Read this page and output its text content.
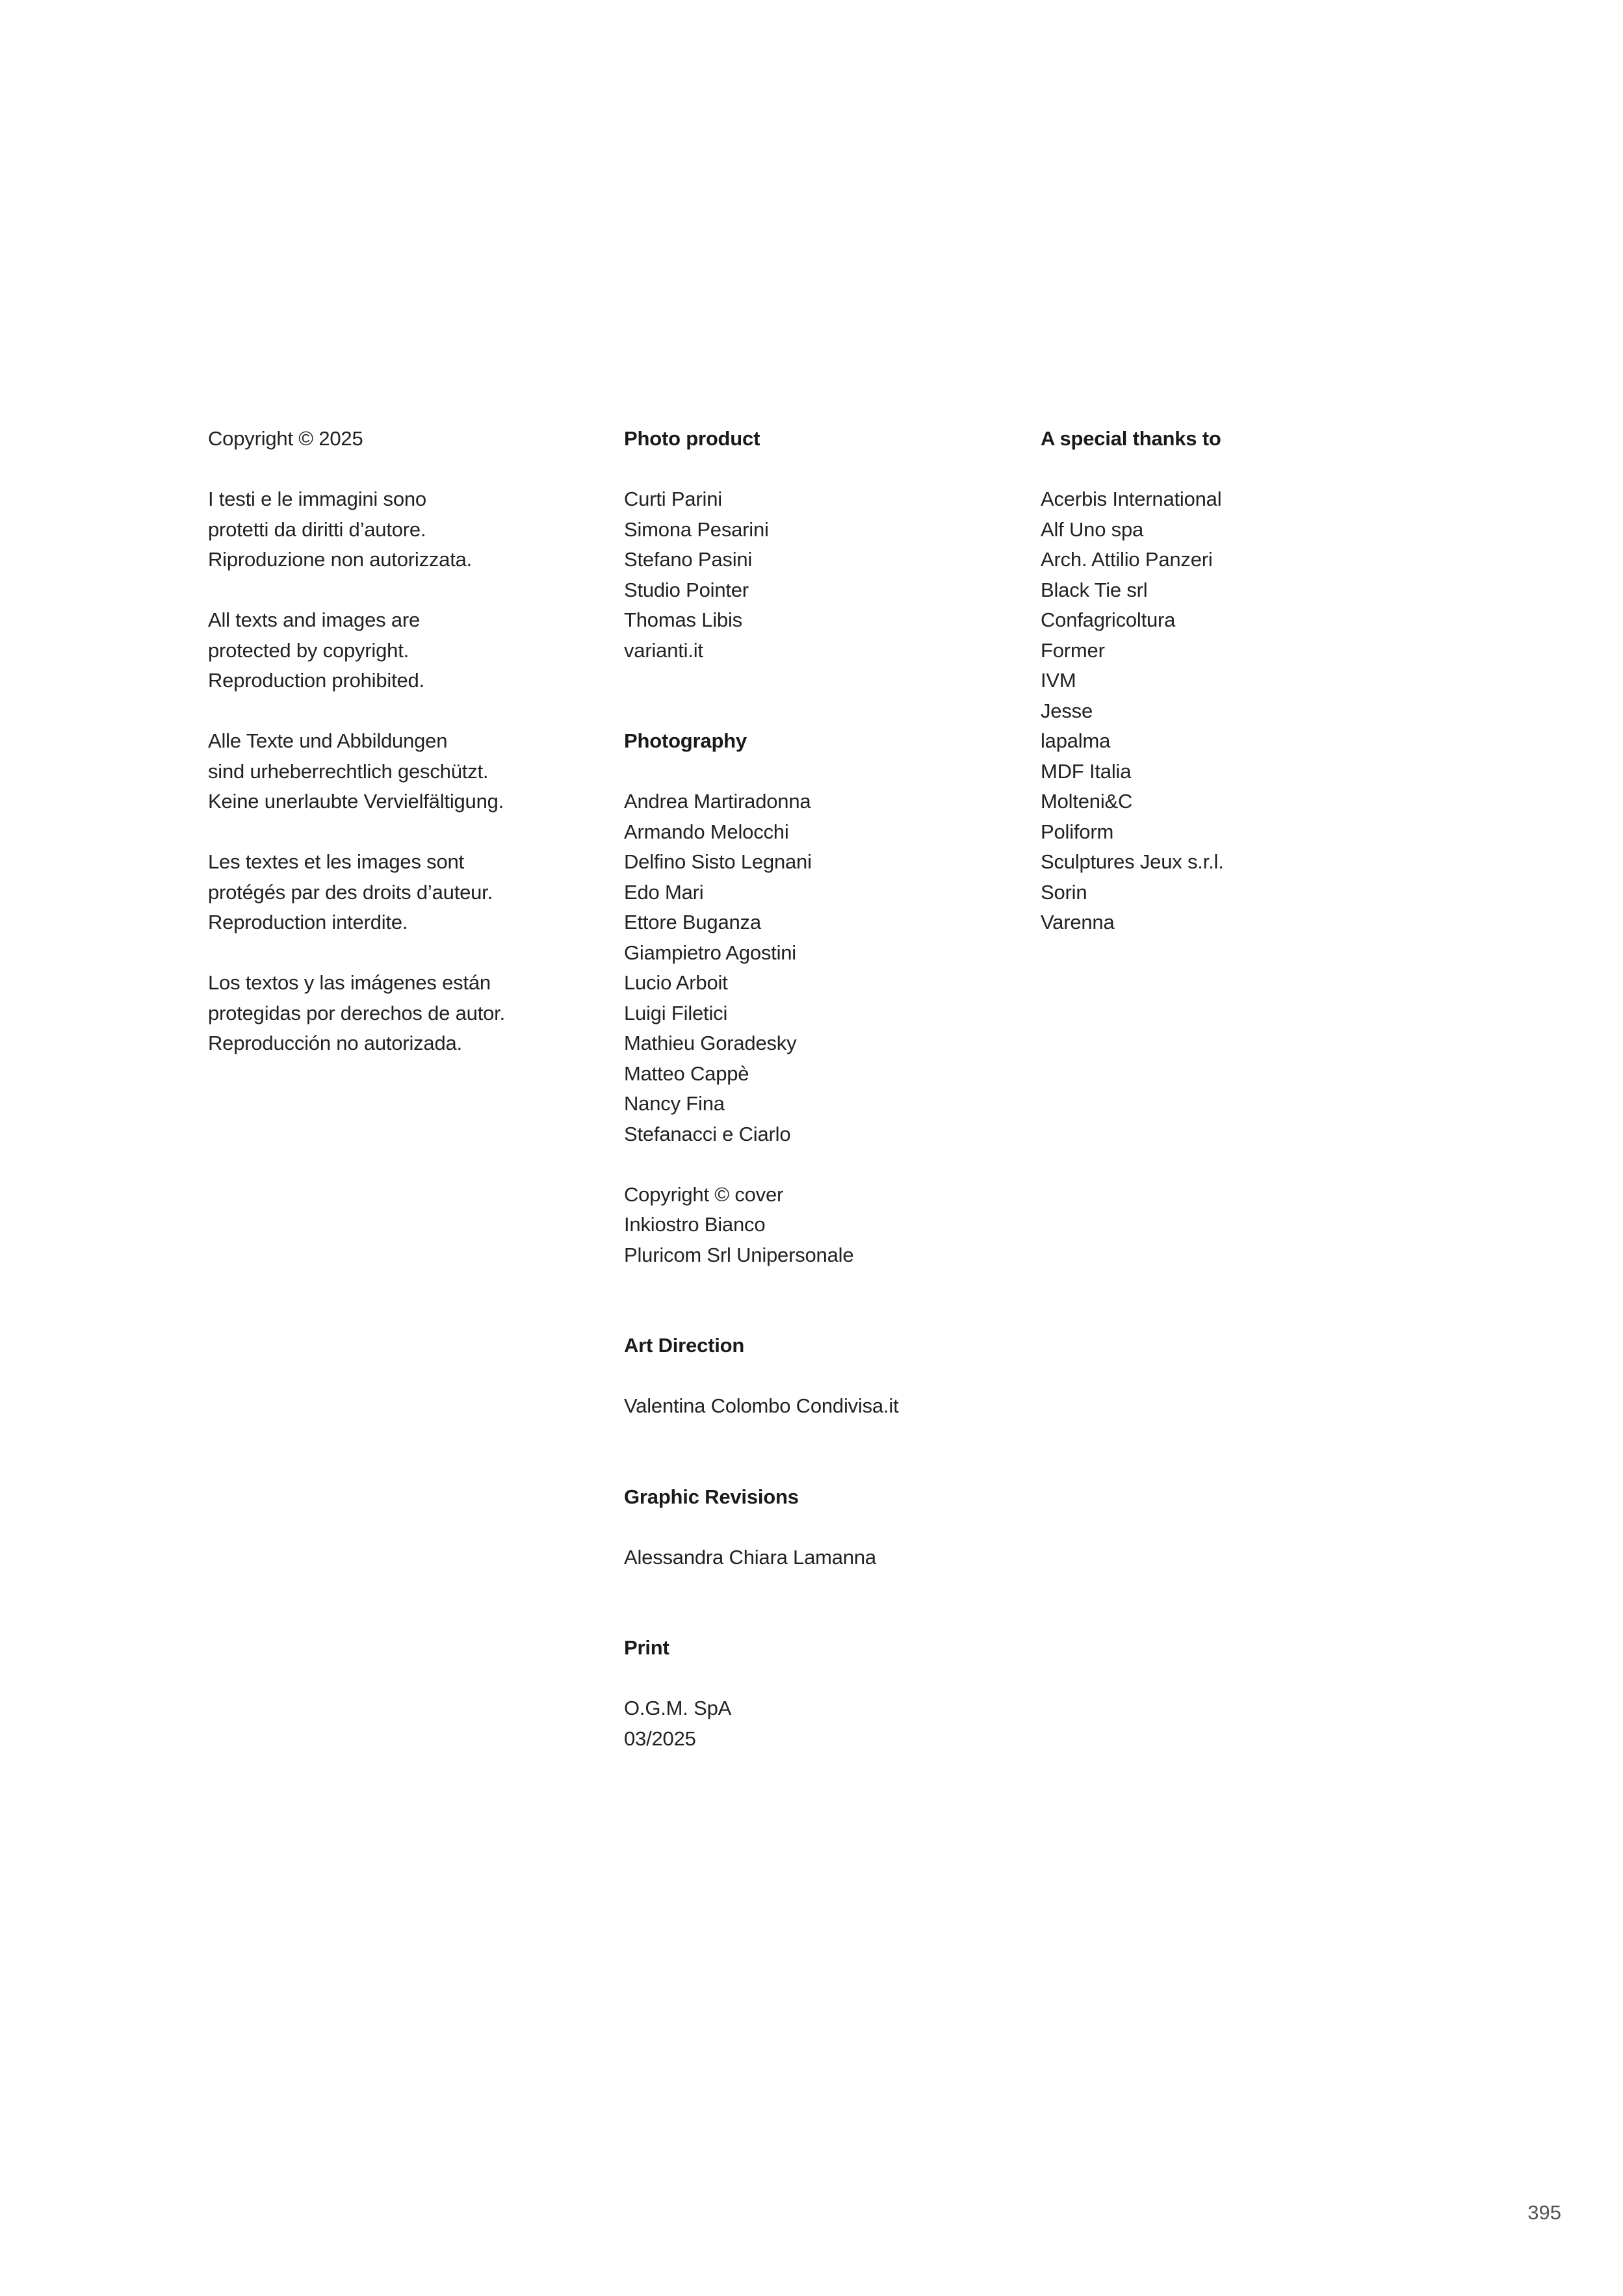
Copyright © 2025
I testi e le immagini sono
protetti da diritti d’autore.
Riproduzione non autorizzata.
All texts and images are
protected by copyright.
Reproduction prohibited.
Alle Texte und Abbildungen
sind urheberrechtlich geschützt.
Keine unerlaubte Vervielfältigung.
Les textes et les images sont
protégés par des droits d’auteur.
Reproduction interdite.
Los textos y las imágenes están
protegidas por derechos de autor.
Reproducción no autorizada.
Photo product
Curti Parini
Simona Pesarini
Stefano Pasini
Studio Pointer
Thomas Libis
varianti.it
Photography
Andrea Martiradonna
Armando Melocchi
Delfino Sisto Legnani
Edo Mari
Ettore Buganza
Giampietro Agostini
Lucio Arboit
Luigi Filetici
Mathieu Goradesky
Matteo Cappè
Nancy Fina
Stefanacci e Ciarlo
Copyright © cover
Inkiostro Bianco
Pluricom Srl Unipersonale
Art Direction
Valentina Colombo Condivisa.it
Graphic Revisions
Alessandra Chiara Lamanna
Print
O.G.M. SpA
03/2025
A special thanks to
Acerbis International
Alf Uno spa
Arch. Attilio Panzeri
Black Tie srl
Confagricoltura
Former
IVM
Jesse
lapalma
MDF Italia
Molteni&C
Poliform
Sculptures Jeux s.r.l.
Sorin
Varenna
395
